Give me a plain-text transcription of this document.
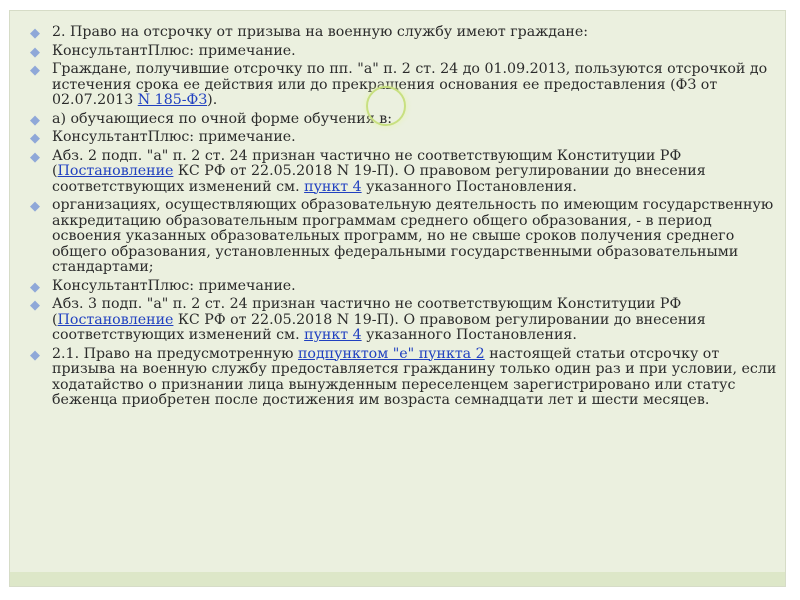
◆ 2. Право на отсрочку от призыва на военную службу имеют граждане:
◆ КонсультантПлюс: примечание.
◆ Граждане, получившие отсрочку по пп. "а" п. 2 ст. 24 до 01.09.2013, пользуются отсрочкой до истечения срока ее действия или до прекращения основания ее предоставления (ФЗ от 02.07.2013 N 185-ФЗ).
◆ а) обучающиеся по очной форме обучения в:
◆ КонсультантПлюс: примечание.
◆ Абз. 2 подп. "а" п. 2 ст. 24 признан частично не соответствующим Конституции РФ (Постановление КС РФ от 22.05.2018 N 19-П). О правовом регулировании до внесения соответствующих изменений см. пункт 4 указанного Постановления.
◆ организациях, осуществляющих образовательную деятельность по имеющим государственную аккредитацию образовательным программам среднего общего образования, - в период освоения указанных образовательных программ, но не свыше сроков получения среднего общего образования, установленных федеральными государственными образовательными стандартами;
◆ КонсультантПлюс: примечание.
◆ Абз. 3 подп. "а" п. 2 ст. 24 признан частично не соответствующим Конституции РФ (Постановление КС РФ от 22.05.2018 N 19-П). О правовом регулировании до внесения соответствующих изменений см. пункт 4 указанного Постановления.
◆ 2.1. Право на предусмотренную подпунктом "е" пункта 2 настоящей статьи отсрочку от призыва на военную службу предоставляется гражданину только один раз и при условии, если ходатайство о признании лица вынужденным переселенцем зарегистрировано или статус беженца приобретен после достижения им возраста семнадцати лет и шести месяцев.
